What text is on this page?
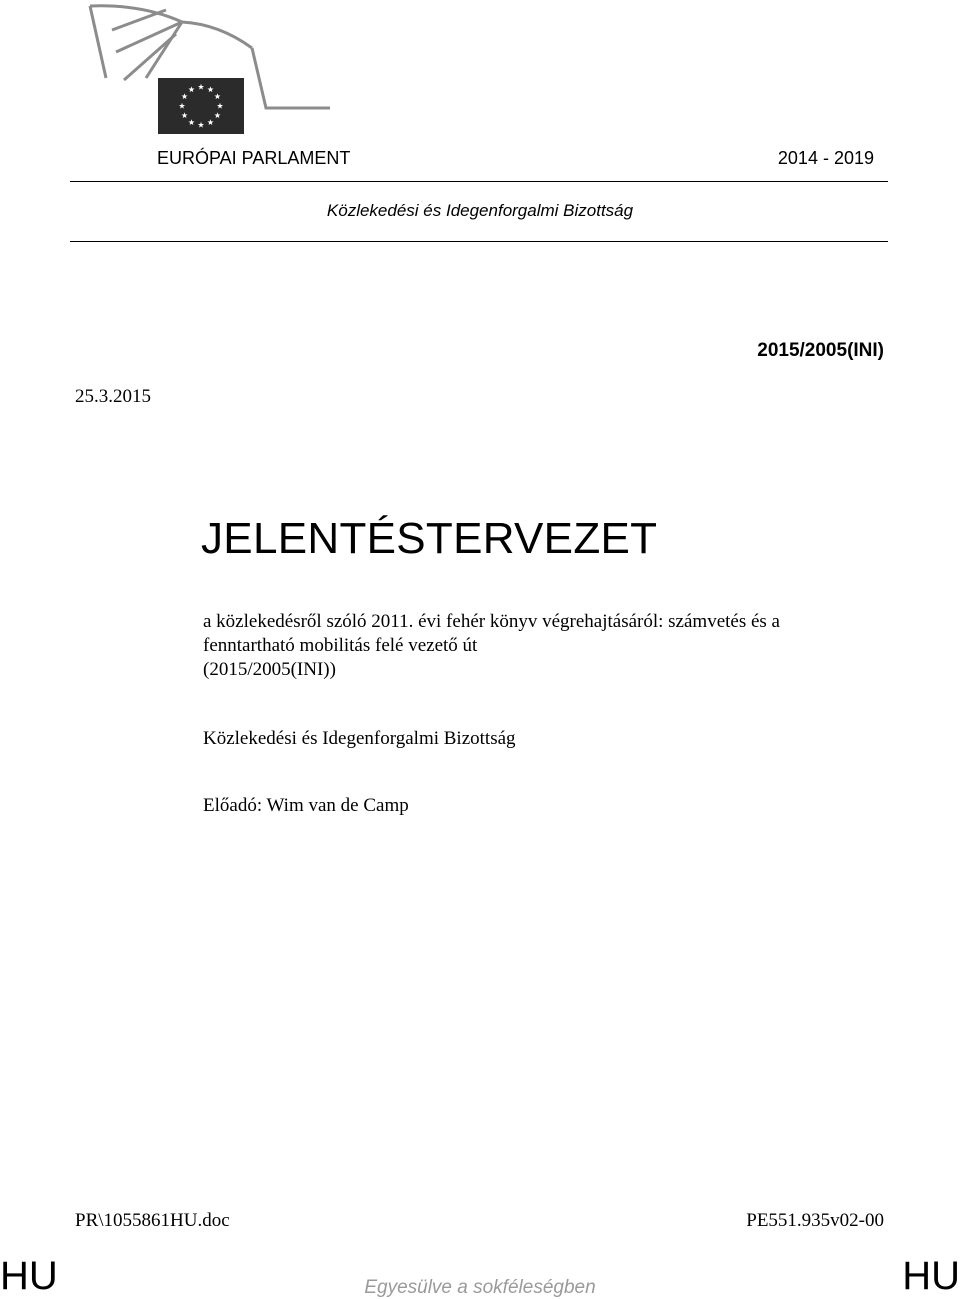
EURÓPAI PARLAMENT	2014 - 2019
Közlekedési és Idegenforgalmi Bizottság
2015/2005(INI)
25.3.2015
JELENTÉSTERVEZET
a közlekedésről szóló 2011. évi fehér könyv végrehajtásáról: számvetés és a
fenntartható mobilitás felé vezető út
(2015/2005(INI))
Közlekedési és Idegenforgalmi Bizottság
Előadó: Wim van de Camp
PR\1055861HU.doc	PE551.935v02-00
HU	HU
Egyesülve a sokféleségben
